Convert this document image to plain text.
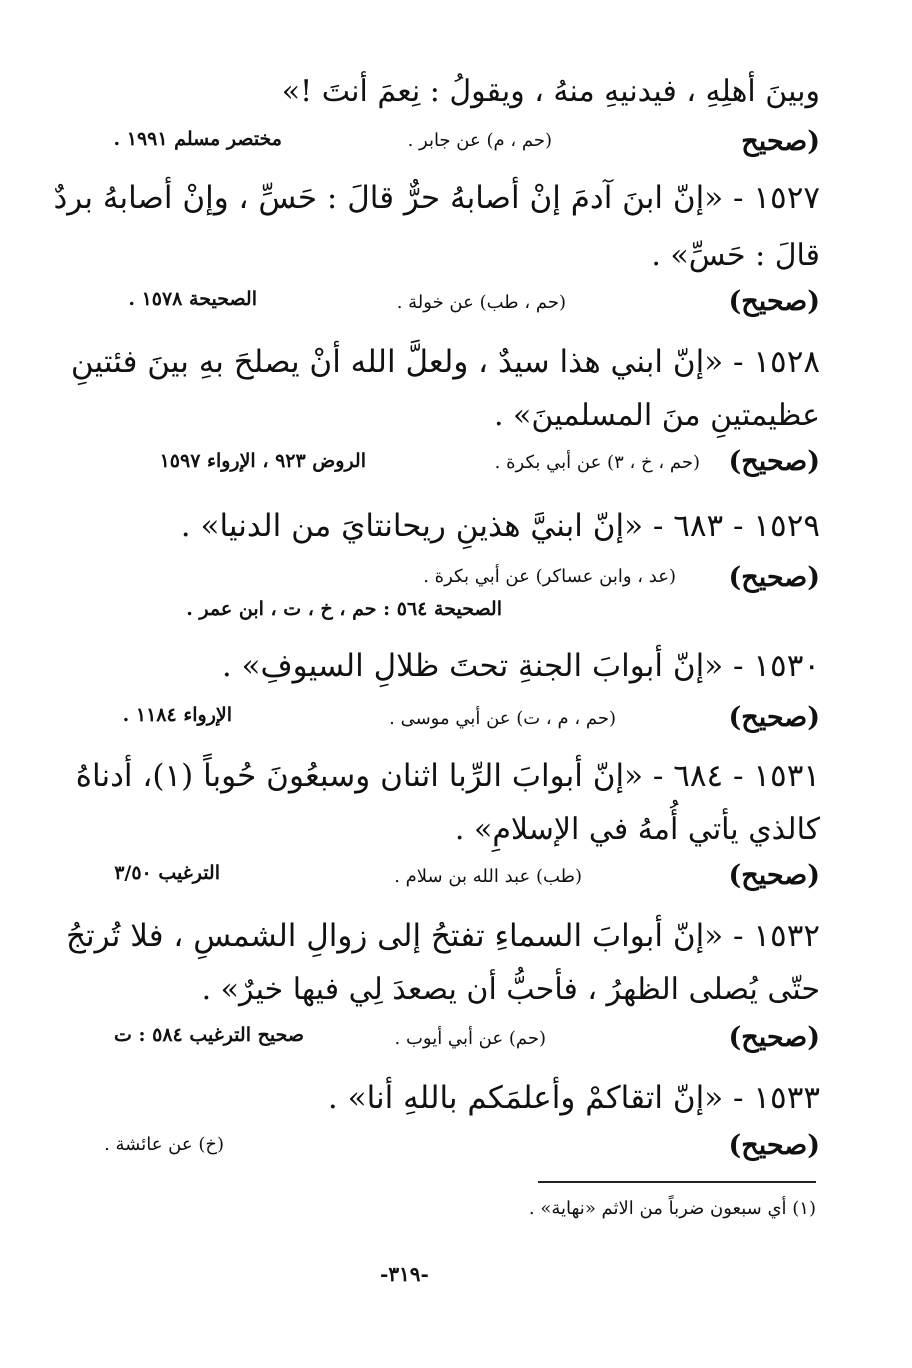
وبينَ أهلِهِ ، فيدنيهِ منهُ ، ويقولُ : نِعمَ أنتَ !»
(صحيح
(حم ، م) عن جابر .
مختصر مسلم ١٩٩١ .
١٥٢٧ - «إنّ ابنَ آدمَ إنْ أصابهُ حرٌّ قالَ : حَسِّ ، وإنْ أصابهُ بردٌ
قالَ : حَسِّ» .
(صحيح)
(حم ، طب) عن خولة .
الصحيحة ١٥٧٨ .
١٥٢٨ - «إنّ ابني هذا سيدٌ ، ولعلَّ الله أنْ يصلحَ بهِ بينَ فئتينِ
عظيمتينِ منَ المسلمينَ» .
(صحيح)
(حم ، خ ، ٣) عن أبي بكرة .
الروض ٩٢٣ ، الإرواء ١٥٩٧
١٥٢٩ - ٦٨٣ - «إنّ ابنيَّ هذينِ ريحانتايَ من الدنيا» .
(صحيح)
(عد ، وابن عساكر) عن أبي بكرة .
الصحيحة ٥٦٤ : حم ، خ ، ت ، ابن عمر .
١٥٣٠ - «إنّ أبوابَ الجنةِ تحتَ ظلالِ السيوفِ» .
(صحيح)
(حم ، م ، ت) عن أبي موسى .
الإرواء ١١٨٤ .
١٥٣١ - ٦٨٤ - «إنّ أبوابَ الرِّبا اثنان وسبعُونَ حُوباً (١)، أدناهُ
كالذي يأتي أُمهُ في الإسلامِ» .
(صحيح)
(طب) عبد الله بن سلام .
الترغيب ٣/٥٠
١٥٣٢ - «إنّ أبوابَ السماءِ تفتحُ إلى زوالِ الشمسِ ، فلا تُرتجُ
حتّى يُصلى الظهرُ ، فأحبُّ أن يصعدَ لِي فيها خيرٌ» .
(صحيح)
(حم) عن أبي أيوب .
صحيح الترغيب ٥٨٤ : ت
١٥٣٣ - «إنّ اتقاكمْ وأعلمَكم باللهِ أنا» .
(صحيح)
(خ) عن عائشة .
(١) أي سبعون ضرباً من الاثم «نهاية» .
-٣١٩-
